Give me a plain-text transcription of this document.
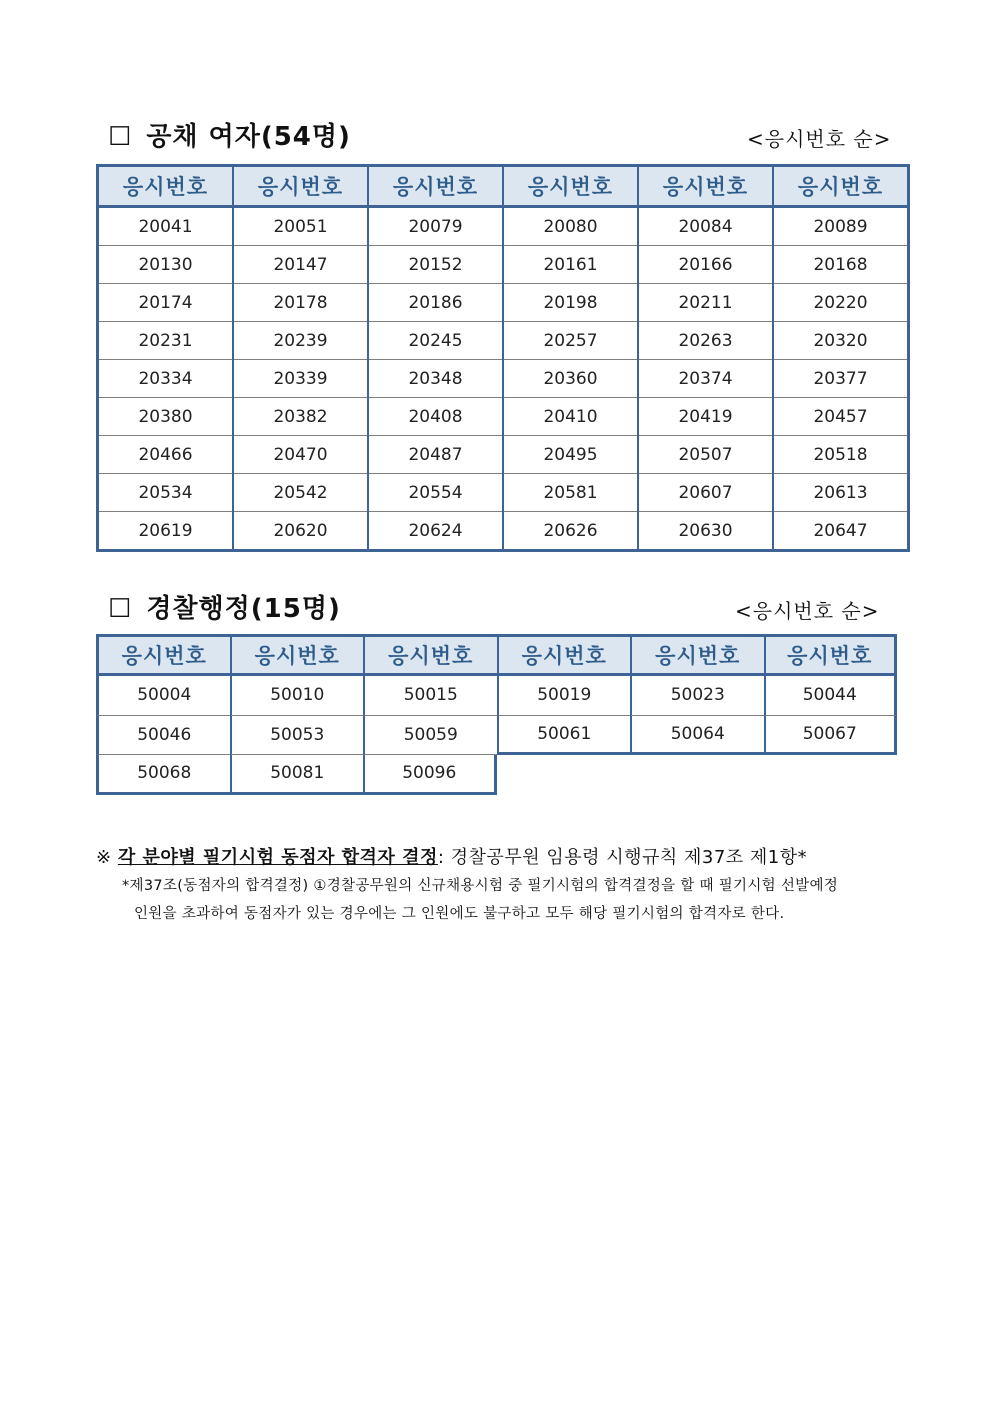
☐ 공채 여자(54명)	<응시번호 순>
응시번호	응시번호	응시번호	응시번호	응시번호	응시번호
20041	20051	20079	20080	20084	20089
20130	20147	20152	20161	20166	20168
20174	20178	20186	20198	20211	20220
20231	20239	20245	20257	20263	20320
20334	20339	20348	20360	20374	20377
20380	20382	20408	20410	20419	20457
20466	20470	20487	20495	20507	20518
20534	20542	20554	20581	20607	20613
20619	20620	20624	20626	20630	20647
☐ 경찰행정(15명)	<응시번호 순>
응시번호	응시번호	응시번호	응시번호	응시번호	응시번호
50004	50010	50015	50019	50023	50044
50046	50053	50059	50061	50064	50067
50068	50081	50096
※ 각 분야별 필기시험 동점자 합격자 결정: 경찰공무원 임용령 시행규칙 제37조 제1항*
*제37조(동점자의 합격결정) ①경찰공무원의 신규채용시험 중 필기시험의 합격결정을 할 때 필기시험 선발예정
인원을 초과하여 동점자가 있는 경우에는 그 인원에도 불구하고 모두 해당 필기시험의 합격자로 한다.
